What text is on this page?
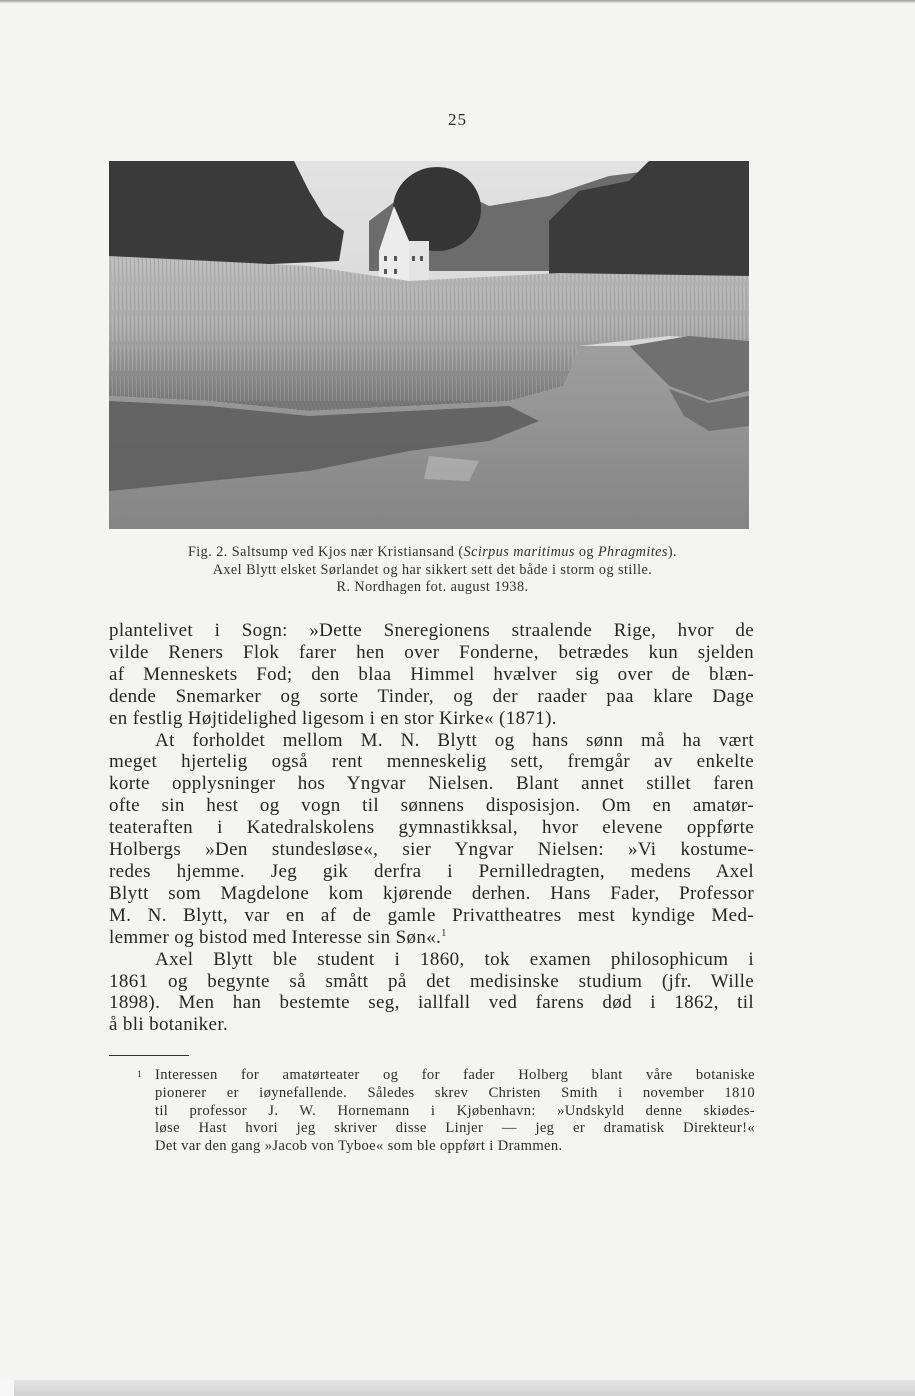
25
Fig. 2. Saltsump ved Kjos nær Kristiansand (Scirpus maritimus og Phragmites).
Axel Blytt elsket Sørlandet og har sikkert sett det både i storm og stille.
R. Nordhagen fot. august 1938.

plantelivet i Sogn: »Dette Sneregionens straalende Rige, hvor de
vilde Reners Flok farer hen over Fonderne, betrædes kun sjelden
af Menneskets Fod; den blaa Himmel hvælver sig over de blæn-
dende Snemarker og sorte Tinder, og der raader paa klare Dage
en festlig Højtidelighed ligesom i en stor Kirke« (1871).

At forholdet mellom M. N. Blytt og hans sønn må ha vært
meget hjertelig også rent menneskelig sett, fremgår av enkelte
korte opplysninger hos Yngvar Nielsen. Blant annet stillet faren
ofte sin hest og vogn til sønnens disposisjon. Om en amatør-
teateraften i Katedralskolens gymnastikksal, hvor elevene oppførte
Holbergs »Den stundesløse«, sier Yngvar Nielsen: »Vi kostume-
redes hjemme. Jeg gik derfra i Pernilledragten, medens Axel
Blytt som Magdelone kom kjørende derhen. Hans Fader, Professor
M. N. Blytt, var en af de gamle Privattheatres mest kyndige Med-
lemmer og bistod med Interesse sin Søn«.$^1$

Axel Blytt ble student i 1860, tok examen philosophicum i
1861 og begynte så smått på det medisinske studium (jfr. Wille
1898). Men han bestemte seg, iallfall ved farens død i 1862, til
å bli botaniker.

1 Interessen for amatørteater og for fader Holberg blant våre botaniske
pionerer er iøynefallende. Således skrev Christen Smith i november 1810
til professor J. W. Hornemann i Kjøbenhavn: »Undskyld denne skiødes-
løse Hast hvori jeg skriver disse Linjer — jeg er dramatisk Direkteur!«
Det var den gang »Jacob von Tyboe« som ble oppført i Drammen.
